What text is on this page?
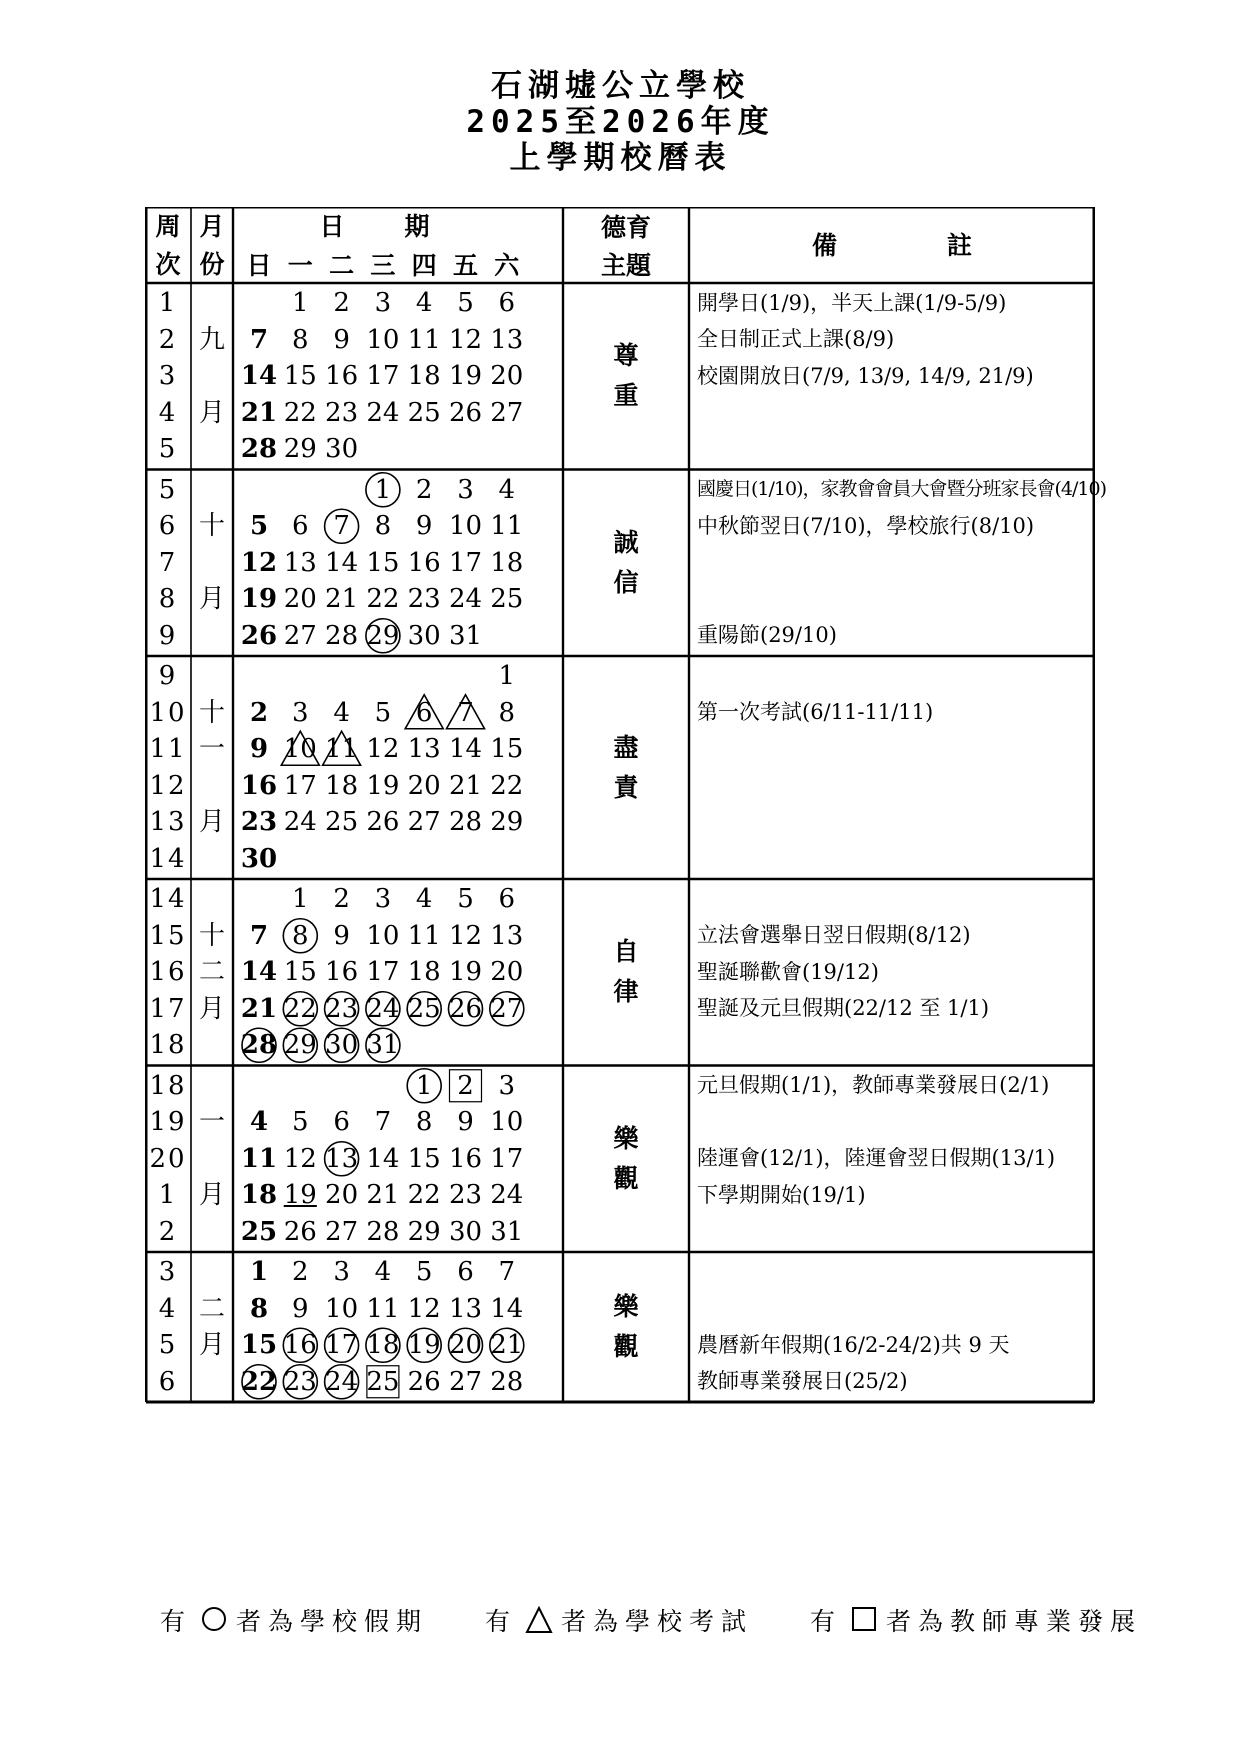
石湖墟公立學校
2025至2026年度
上學期校曆表
周
次
月
份
日	期	德育
主題
備註
日 一 二 三 四 五 六
1
2
3
4
5
九
月
尊
重
1 2 3 4 5 6
7 8 9 10 11 12 13
14 15 16 17 18 19 20
21 22 23 24 25 26 27
28 29 30
開學日(1/9)，半天上課(1/9-5/9)
全日制正式上課(8/9)
校園開放日(7/9, 13/9, 14/9, 21/9)
5
6
7
8
9
十
月
誠
信
1 2 3 4
5 6 7 8 9 10 11
12 13 14 15 16 17 18
19 20 21 22 23 24 25
26 27 28 29 30 31
國慶日(1/10)，家教會會員大會暨分班家長會(4/10)
中秋節翌日(7/10)，學校旅行(8/10)
重陽節(29/10)
9
10
11
12
13
14
十
一
月
盡
責
1
2 3 4 5 6 7 8
9 10 11 12 13 14 15
16 17 18 19 20 21 22
23 24 25 26 27 28 29
30
第一次考試(6/11-11/11)
14
15
16
17
18
十
二
月
自
律
1 2 3 4 5 6
7 8 9 10 11 12 13
14 15 16 17 18 19 20
21 22 23 24 25 26 27
28 29 30 31
立法會選舉日翌日假期(8/12)
聖誕聯歡會(19/12)
聖誕及元旦假期(22/12 至 1/1)
18
19
20
1
2
一
月
樂
觀
1 2 3
4 5 6 7 8 9 10
11 12 13 14 15 16 17
18 19 20 21 22 23 24
25 26 27 28 29 30 31
元旦假期(1/1)，教師專業發展日(2/1)
陸運會(12/1)，陸運會翌日假期(13/1)
下學期開始(19/1)
3
4
5
6
二
月
樂
觀
1 2 3 4 5 6 7
8 9 10 11 12 13 14
15 16 17 18 19 20 21
22 23 24 25 26 27 28
農曆新年假期(16/2-24/2)共 9 天
教師專業發展日(25/2)
有 者為學校假期 有 者為學校考試 有 者為教師專業發展
